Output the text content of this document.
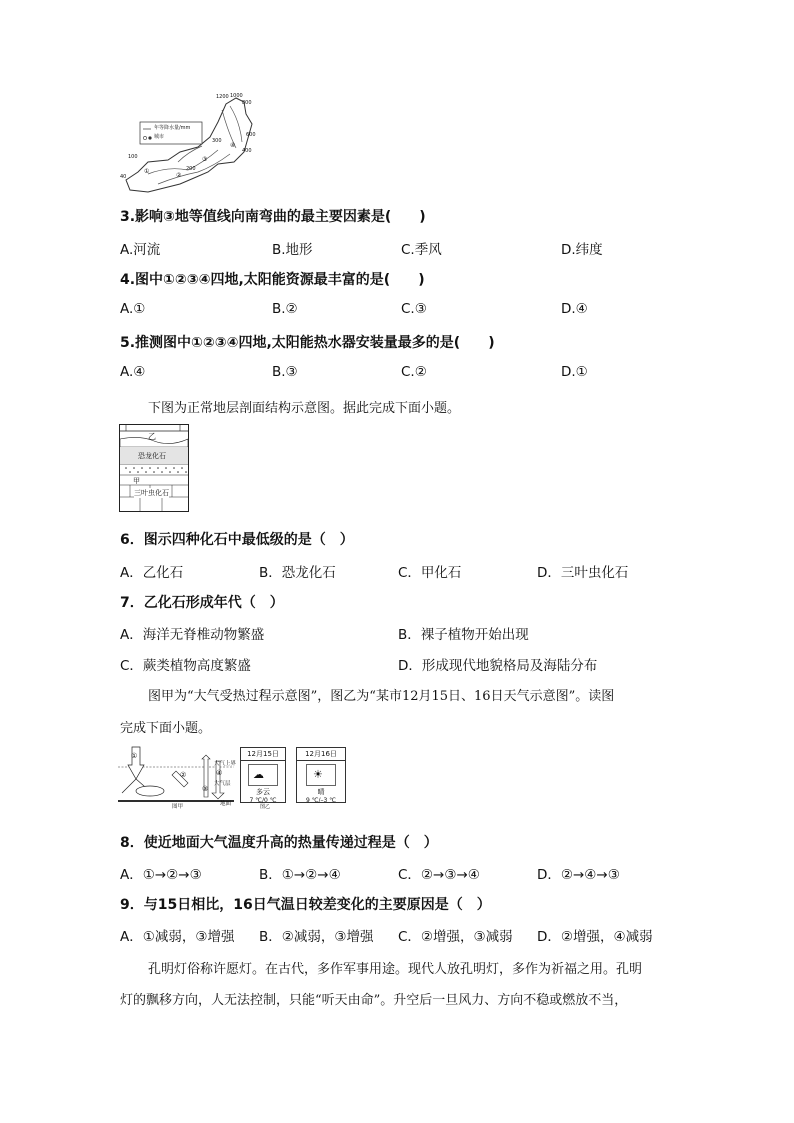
年等降水量/mm
城市
1200 1000
800
600
400
300
200
100
40
①
②
③
④
3.影响③地等值线向南弯曲的最主要因素是(　　)
A.河流	B.地形	C.季风	D.纬度
4.图中①②③④四地,太阳能资源最丰富的是(　　)
A.①	B.②	C.③	D.④
5.推测图中①②③④四地,太阳能热水器安装量最多的是(　　)
A.④	B.③	C.②	D.①
下图为正常地层剖面结构示意图。据此完成下面小题。
乙
恐龙化石
甲
三叶虫化石
6．图示四种化石中最低级的是（　）
A．乙化石	B．恐龙化石	C．甲化石	D．三叶虫化石
7．乙化石形成年代（　）
A．海洋无脊椎动物繁盛	B．裸子植物开始出现
C．蕨类植物高度繁盛	D．形成现代地貌格局及海陆分布
图甲为“大气受热过程示意图”，图乙为“某市12月15日、16日天气示意图”。读图
完成下面小题。
①
②
③
④
大气上界
大气层
地面
图甲
12月15日
☁
多云
7 ℃/0 ℃
12月16日
☀
晴
9 ℃/–3 ℃
图乙
8．使近地面大气温度升高的热量传递过程是（　）
A．①→②→③	B．①→②→④	C．②→③→④	D．②→④→③
9．与15日相比，16日气温日较差变化的主要原因是（　）
A．①减弱，③增强 B．②减弱，③增强 C．②增强，③减弱 D．②增强，④减弱
孔明灯俗称许愿灯。在古代，多作军事用途。现代人放孔明灯，多作为祈福之用。孔明
灯的飘移方向，人无法控制，只能“听天由命”。升空后一旦风力、方向不稳或燃放不当，
